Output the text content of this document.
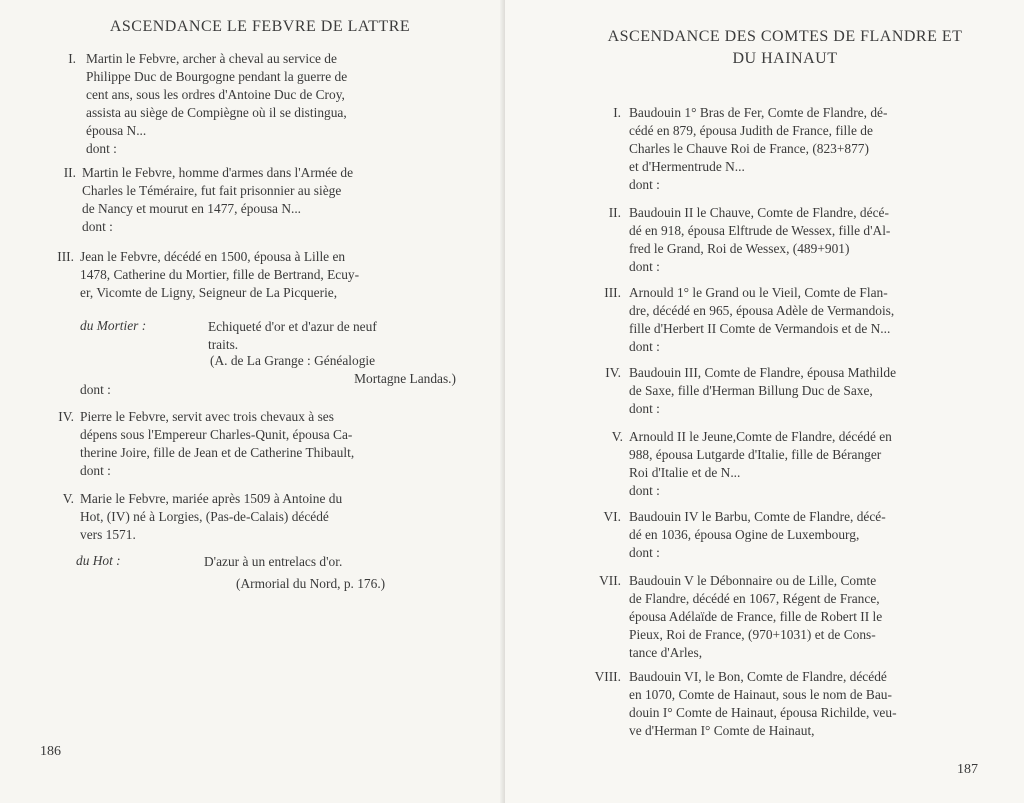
ASCENDANCE LE FEBVRE DE LATTRE
I. Martin le Febvre, archer à cheval au service de
Philippe Duc de Bourgogne pendant la guerre de
cent ans, sous les ordres d'Antoine Duc de Croy,
assista au siège de Compiègne où il se distingua,
épousa N...
dont :
II. Martin le Febvre, homme d'armes dans l'Armée de
Charles le Téméraire, fut fait prisonnier au siège
de Nancy et mourut en 1477, épousa N...
dont :
III. Jean le Febvre, décédé en 1500, épousa à Lille en
1478, Catherine du Mortier, fille de Bertrand, Ecuy-
er, Vicomte de Ligny, Seigneur de La Picquerie,
du Mortier :	Echiqueté d'or et d'azur de neuf
traits.
(A. de La Grange : Généalogie
Mortagne Landas.)
dont :
IV. Pierre le Febvre, servit avec trois chevaux à ses
dépens sous l'Empereur Charles-Qunit, épousa Ca-
therine Joire, fille de Jean et de Catherine Thibault,
dont :
V. Marie le Febvre, mariée après 1509 à Antoine du
Hot, (IV) né à Lorgies, (Pas-de-Calais) décédé
vers 1571.
du Hot :	D'azur à un entrelacs d'or.
(Armorial du Nord, p. 176.)
186
ASCENDANCE DES COMTES DE FLANDRE ET
DU HAINAUT
I. Baudouin 1° Bras de Fer, Comte de Flandre, dé-
cédé en 879, épousa Judith de France, fille de
Charles le Chauve Roi de France, (823+877)
et d'Hermentrude N...
dont :
II. Baudouin II le Chauve, Comte de Flandre, décé-
dé en 918, épousa Elftrude de Wessex, fille d'Al-
fred le Grand, Roi de Wessex, (489+901)
dont :
III. Arnould 1° le Grand ou le Vieil, Comte de Flan-
dre, décédé en 965, épousa Adèle de Vermandois,
fille d'Herbert II Comte de Vermandois et de N...
dont :
IV. Baudouin III, Comte de Flandre, épousa Mathilde
de Saxe, fille d'Herman Billung Duc de Saxe,
dont :
V. Arnould II le Jeune,Comte de Flandre, décédé en
988, épousa Lutgarde d'Italie, fille de Béranger
Roi d'Italie et de N...
dont :
VI. Baudouin IV le Barbu, Comte de Flandre, décé-
dé en 1036, épousa Ogine de Luxembourg,
dont :
VII. Baudouin V le Débonnaire ou de Lille, Comte
de Flandre, décédé en 1067, Régent de France,
épousa Adélaïde de France, fille de Robert II le
Pieux, Roi de France, (970+1031) et de Cons-
tance d'Arles,
VIII. Baudouin VI, le Bon, Comte de Flandre, décédé
en 1070, Comte de Hainaut, sous le nom de Bau-
douin I° Comte de Hainaut, épousa Richilde, veu-
ve d'Herman I° Comte de Hainaut,
187
